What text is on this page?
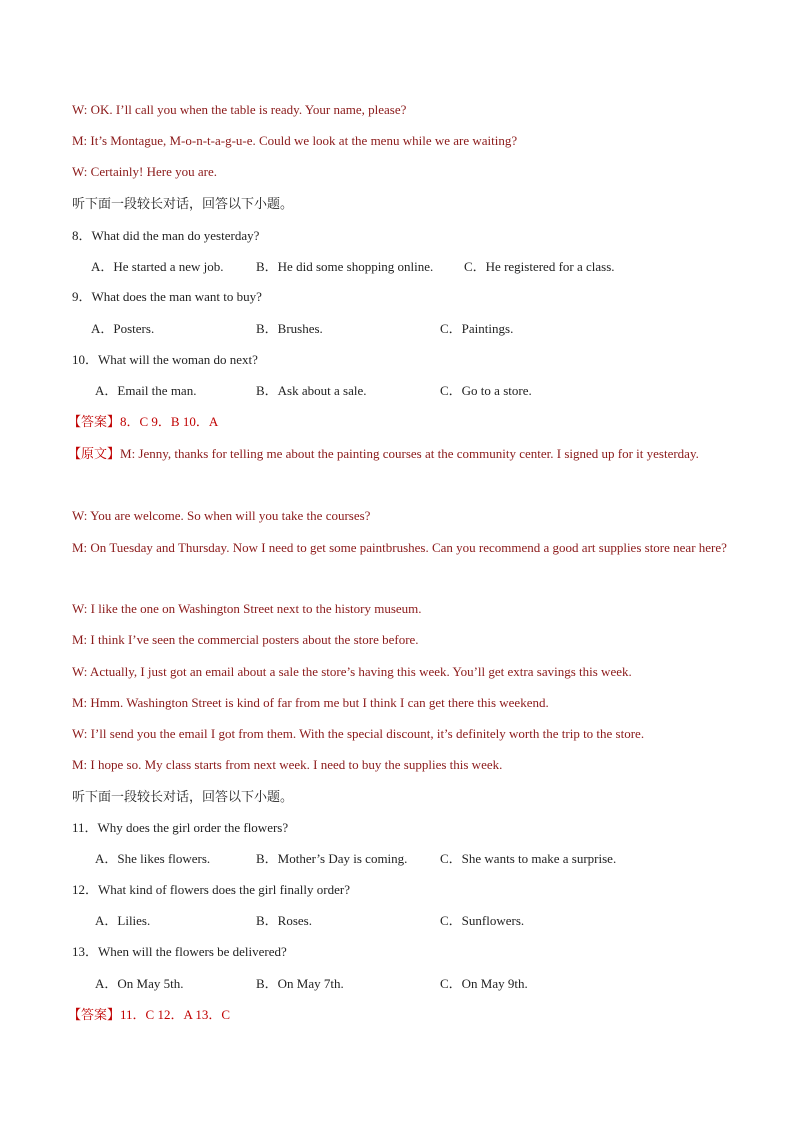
W: OK. I’ll call you when the table is ready. Your name, please?
M: It’s Montague, M-o-n-t-a-g-u-e. Could we look at the menu while we are waiting?
W: Certainly! Here you are.
听下面一段较长对话，回答以下小题。
8．What did the man do yesterday?
A．He started a new job.	B．He did some shopping online. C．He registered for a class.
9．What does the man want to buy?
A．Posters.	B．Brushes.	C．Paintings.
10．What will the woman do next?
A．Email the man.	B．Ask about a sale.	C．Go to a store.
【答案】8．C 9．B 10．A
【原文】M: Jenny, thanks for telling me about the painting courses at the community center. I signed up for it yesterday.
W: You are welcome. So when will you take the courses?
M: On Tuesday and Thursday. Now I need to get some paintbrushes. Can you recommend a good art supplies store near here?
W: I like the one on Washington Street next to the history museum.
M: I think I’ve seen the commercial posters about the store before.
W: Actually, I just got an email about a sale the store’s having this week. You’ll get extra savings this week.
M: Hmm. Washington Street is kind of far from me but I think I can get there this weekend.
W: I’ll send you the email I got from them. With the special discount, it’s definitely worth the trip to the store.
M: I hope so. My class starts from next week. I need to buy the supplies this week.
听下面一段较长对话，回答以下小题。
11．Why does the girl order the flowers?
A．She likes flowers.	B．Mother’s Day is coming.	C．She wants to make a surprise.
12．What kind of flowers does the girl finally order?
A．Lilies.	B．Roses.	C．Sunflowers.
13．When will the flowers be delivered?
A．On May 5th.	B．On May 7th.	C．On May 9th.
【答案】11．C 12．A 13．C
